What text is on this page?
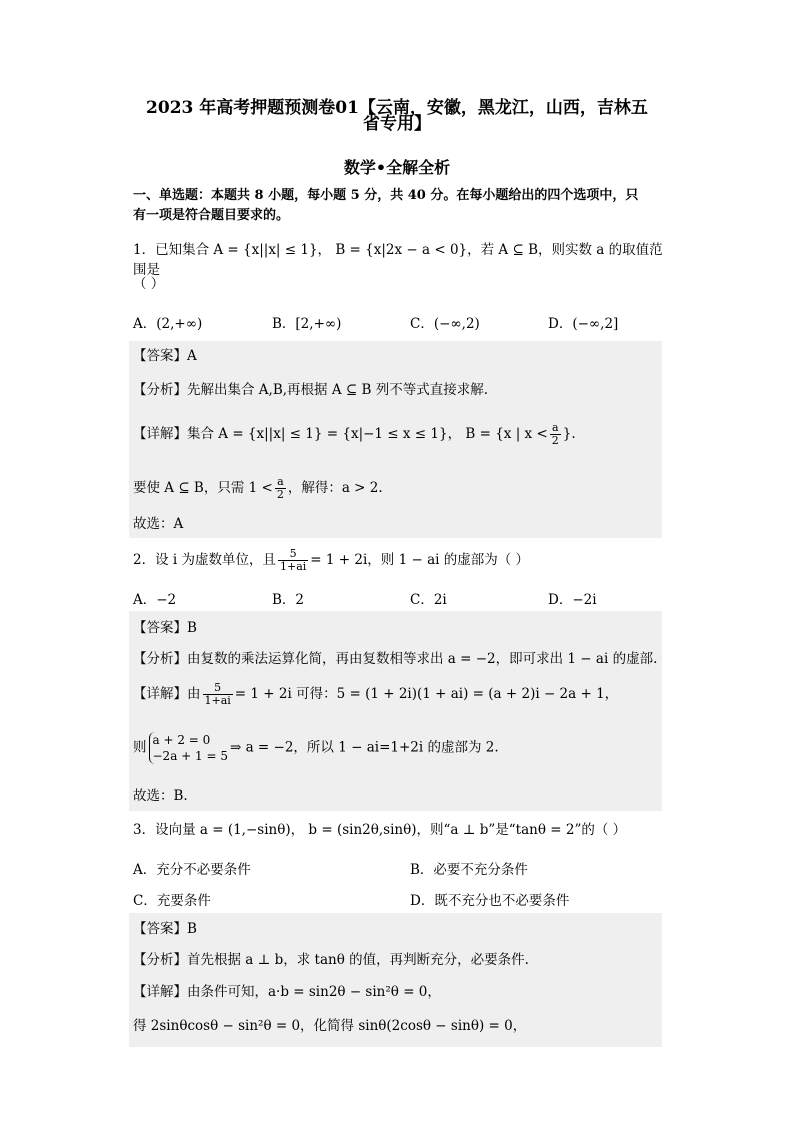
2023 年高考押题预测卷01【云南，安徽，黑龙江，山西，吉林五
省专用】
数学•全解全析
一、单选题：本题共 8 小题，每小题 5 分，共 40 分。在每小题给出的四个选项中，只
有一项是符合题目要求的。
1．已知集合 A = {x||x| ≤ 1}， B = {x|2x − a < 0}，若 A ⊆ B，则实数 a 的取值范围是
（ ）
A．(2,+∞)	B．[2,+∞)	C．(−∞,2)	D．(−∞,2]
【答案】A
【分析】先解出集合 A,B,再根据 A ⊆ B 列不等式直接求解.
【详解】集合 A = {x||x| ≤ 1} = {x|−1 ≤ x ≤ 1}， B = {x | $x < \frac{a}{2}$ }.
要使 A ⊆ B，只需 $1 < \frac{a}{2}$ ，解得：a > 2.
故选：A
2．设 i 为虚数单位，且 $\frac{5}{1+ai} = 1 + 2i$，则 1 − ai 的虚部为（ ）
A．−2	B．2	C．2i	D．−2i
【答案】B
【分析】由复数的乘法运算化简，再由复数相等求出 a = −2，即可求出 1 − ai 的虚部.
【详解】由 $\frac{5}{1+ai} = 1 + 2i$ 可得：5 = (1 + 2i)(1 + ai) = (a + 2)i − 2a + 1，
则 a + 2 = 0
−2a + 1 = 5
⇒ a = −2，所以 1 − ai=1+2i 的虚部为 2.
故选：B.
3．设向量 a = (1,−sinθ)， b = (sin2θ,sinθ)，则“a ⊥ b”是“tanθ = 2”的（ ）
A．充分不必要条件	B．必要不充分条件
C．充要条件	D．既不充分也不必要条件
【答案】B
【分析】首先根据 a ⊥ b，求 tanθ 的值，再判断充分，必要条件.
【详解】由条件可知，a·b = sin2θ − sin²θ = 0，
得 2sinθcosθ − sin²θ = 0，化简得 sinθ(2cosθ − sinθ) = 0，
